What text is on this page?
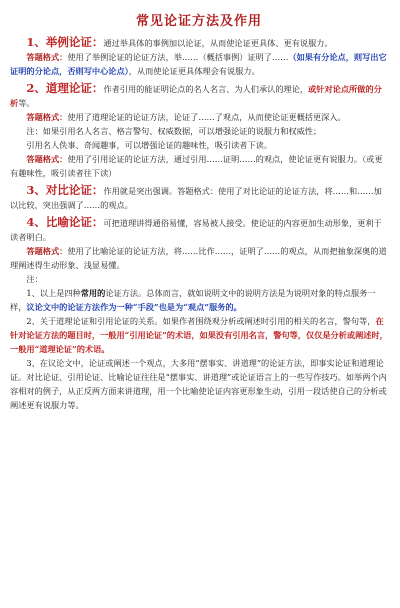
常见论证方法及作用

1、举例论证：通过举具体的事例加以论证，从而使论证更具体、更有说服力。

答题格式：使用了举例论证的论证方法，举……（概括事例）证明了……（如果有分论点，则写出它证明的分论点，否则写中心论点），从而使论证更具体理会有说服力。

2、道理论证：作者引用的能证明论点的名人名言、为人们承认的理论，或针对论点所做的分析等。

答题格式：使用了道理论证的论证方法，论证了……了观点，从而使论证更概括更深入。

注：如果引用名人名言、格言警句、权威数据，可以增强论证的说服力和权威性；

引用名人佚事、奇闻趣事，可以增强论证的趣味性，吸引读者下读。

答题格式：使用了引用论证的论证方法，通过引用……证明……的观点，使论证更有说服力。（或更有趣味性，吸引读者往下读）

3、对比论证：作用就是突出强调。答题格式：使用了对比论证的论证方法，将……和……加以比较，突出强调了……的观点。

4、比喻论证：可把道理讲得通俗易懂，容易被人接受。使论证的内容更加生动形象，更利于读者明白。

答题格式：使用了比喻论证的论证方法，将……比作……，证明了……的观点，从而把抽象深奥的道理阐述得生动形象、浅显易懂。

注：

1、以上是四种常用的论证方法。总体而言，就如说明文中的说明方法是为说明对象的特点服务一样，议论文中的论证方法作为一种“手段”也是为“观点”服务的。

2、关于道理论证和引用论证的关系。如果作者围绕观分析或阐述时引用的相关的名言，警句等，在针对论证方法的题目时，一般用“引用论证”的术语，如果没有引用名言，警句等，仅仅是分析或阐述时，一般用“道理论证”的术语。

3、在议论文中，论证或阐述一个观点，大多用“摆事实、讲道理”的论证方法，即事实论证和道理论证。对比论证、引用论证、比喻论证往往是“摆事实、讲道理”或论证语言上的一些写作技巧。如举两个内容相对的例子，从正反两方面来讲道理，用一个比喻使论证内容更形象生动，引用一段话使自己的分析或阐述更有说服力等。
